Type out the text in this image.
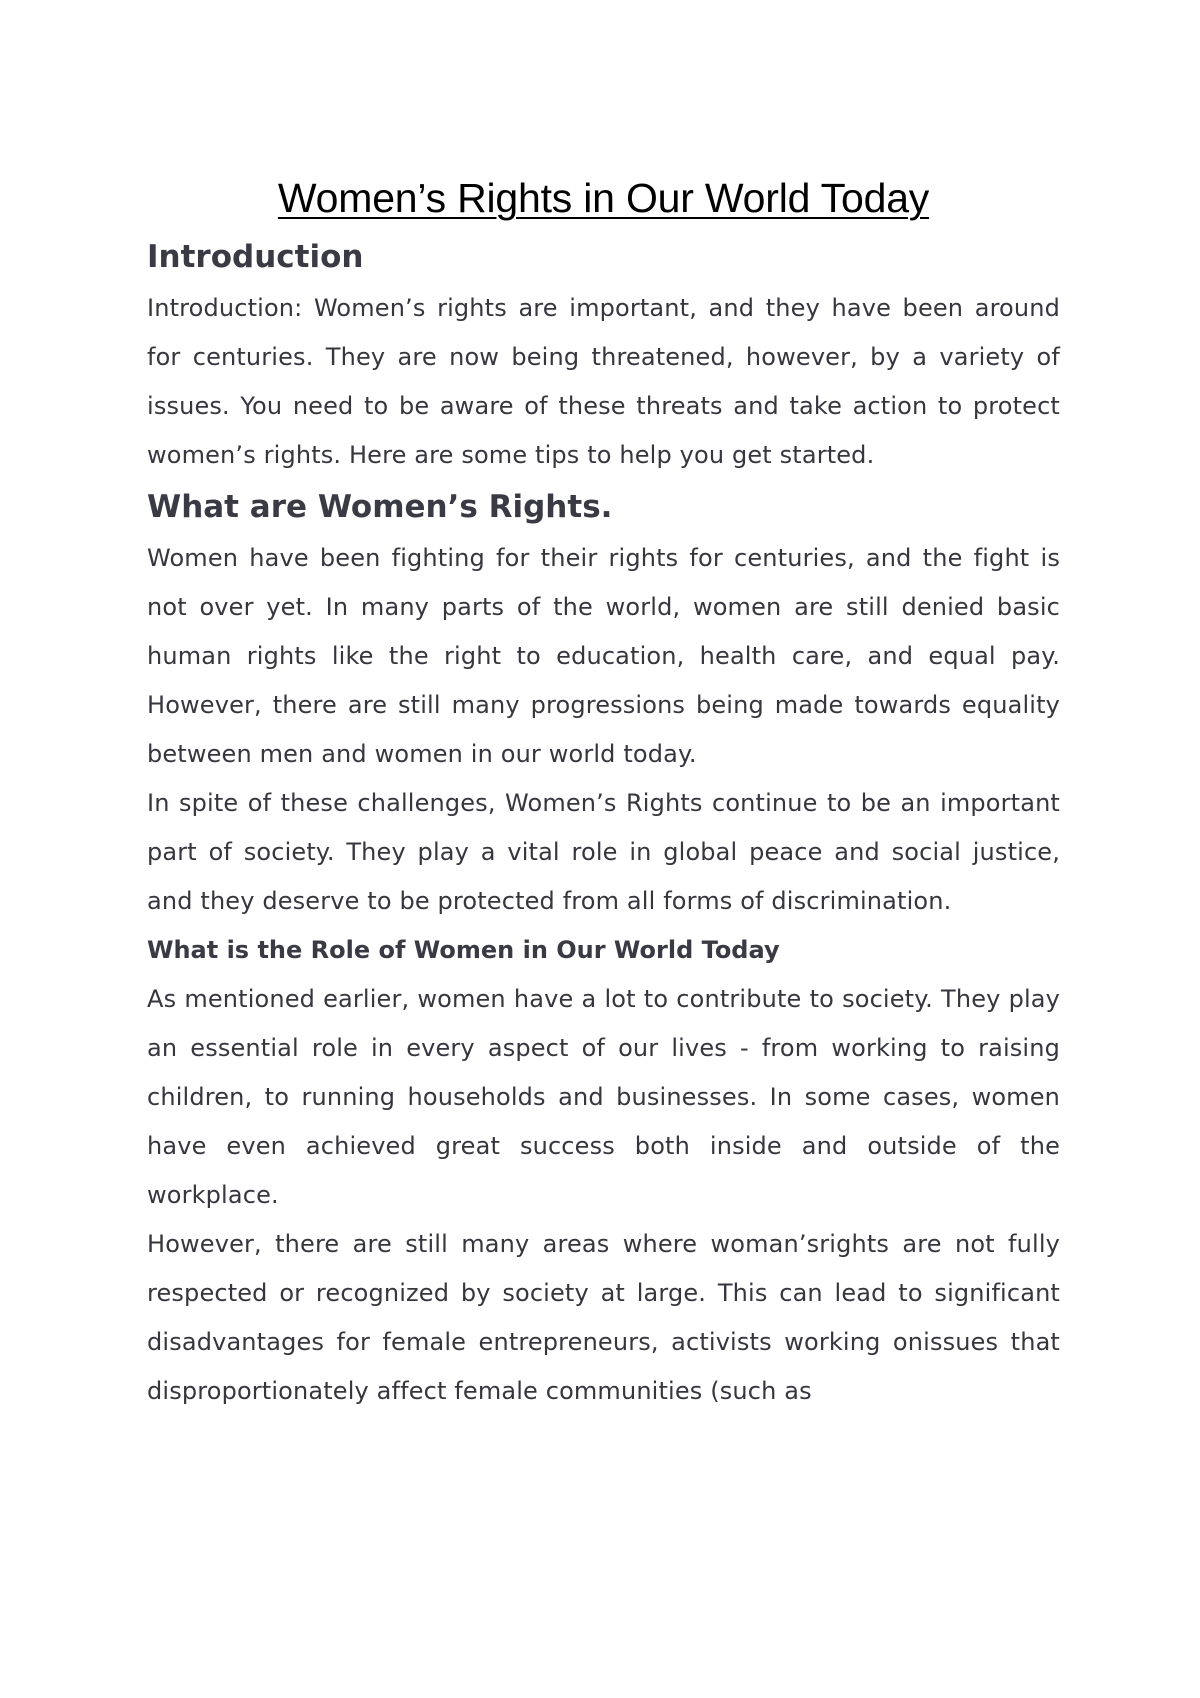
Women’s Rights in Our World Today
Introduction

Introduction: Women’s rights are important, and they have been around for centuries. They are now being threatened, however, by a variety of issues. You need to be aware of these threats and take action to protect women’s rights. Here are some tips to help you get started.

What are Women’s Rights.

Women have been fighting for their rights for centuries, and the fight is not over yet. In many parts of the world, women are still denied basic human rights like the right to education, health care, and equal pay. However, there are still many progressions being made towards equality between men and women in our world today.

In spite of these challenges, Women’s Rights continue to be an important part of society. They play a vital role in global peace and social justice, and they deserve to be protected from all forms of discrimination.

What is the Role of Women in Our World Today

As mentioned earlier, women have a lot to contribute to society. They play an essential role in every aspect of our lives - from working to raising children, to running households and businesses. In some cases, women have even achieved great success both inside and outside of the workplace.

However, there are still many areas where woman’srights are not fully respected or recognized by society at large. This can lead to significant disadvantages for female entrepreneurs, activists working onissues that disproportionately affect female communities (such as
